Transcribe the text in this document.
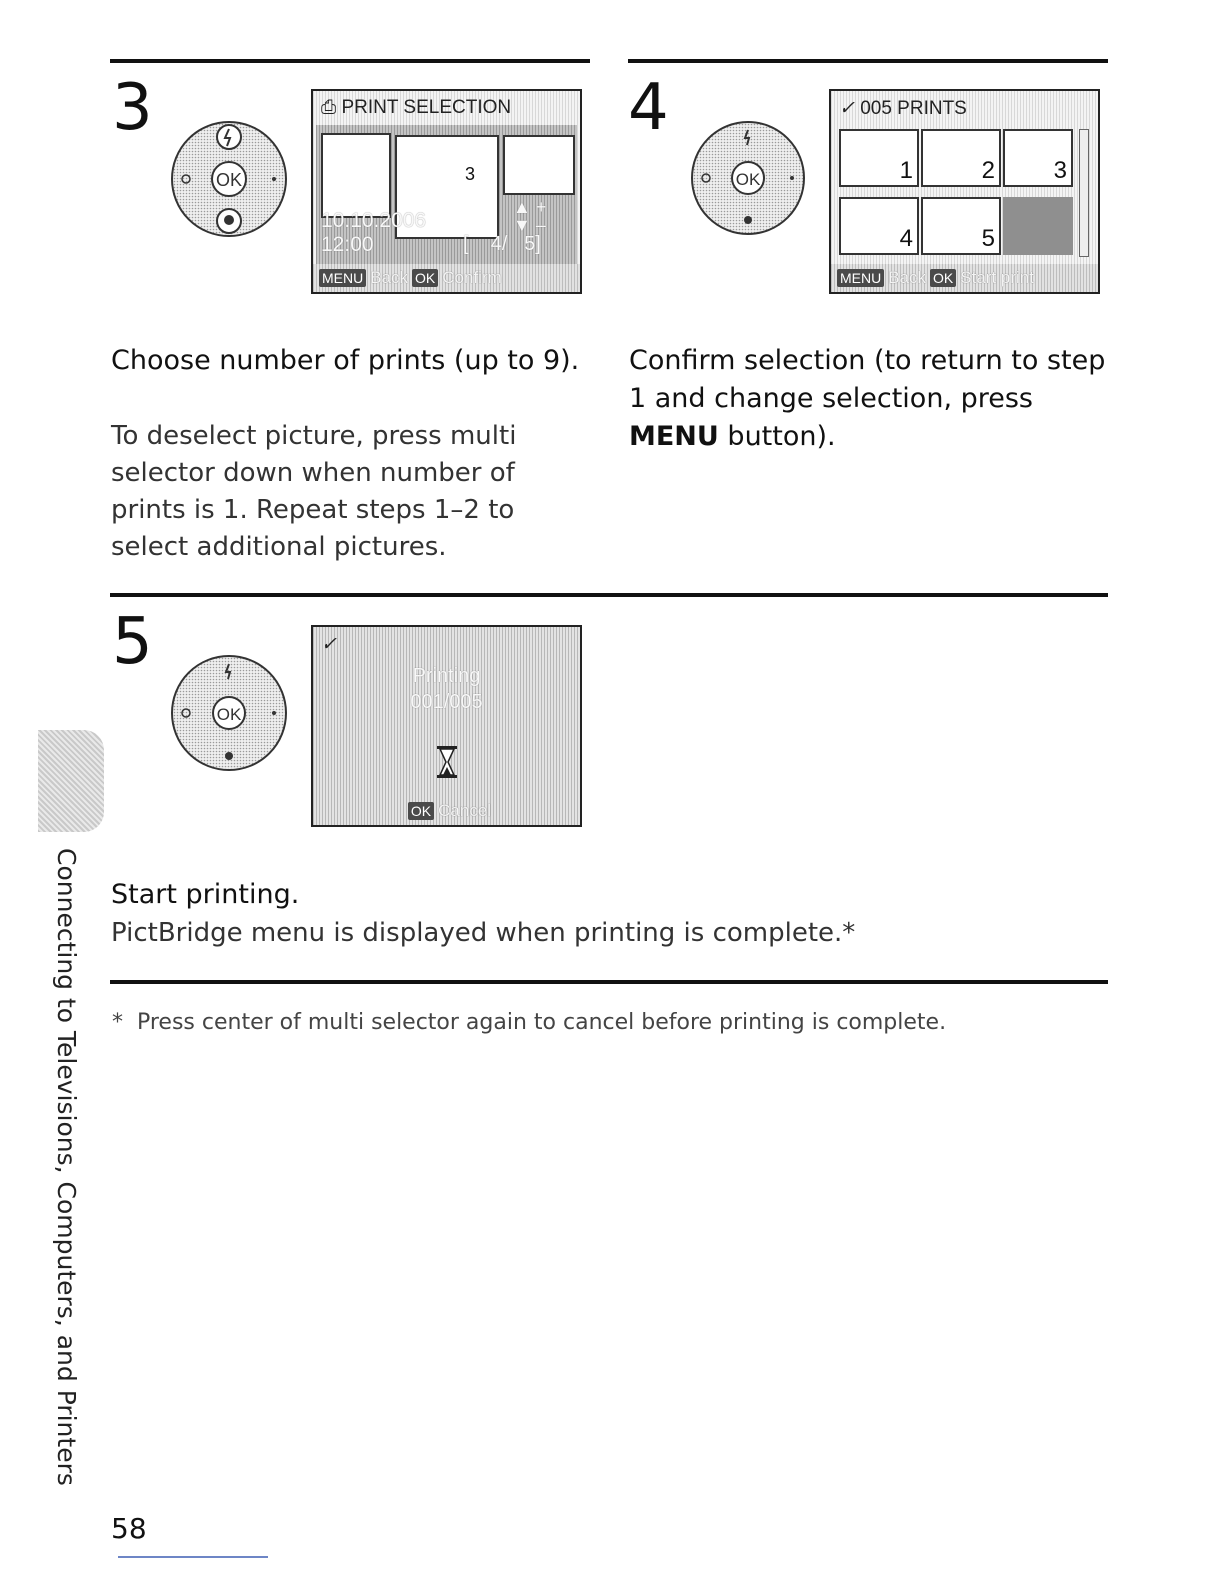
3
OK
⎙ PRINT SELECTION
3
10.10.2006
12:00
▲ +
▼ –
[ 4/ 5]
MENU Back OK Confirm
Choose number of prints (up to 9).
To deselect picture, press multi selector down when number of prints is 1. Repeat steps 1–2 to select additional pictures.
4
OK
✓ 005 PRINTS
1	2 3
4	5
MENU Back OK Start print
Confirm selection (to return to step 1 and change selection, press MENU button).
5
OK
✓
Printing
001/005
OK Cancel
Start printing.
PictBridge menu is displayed when printing is complete.*
*  Press center of multi selector again to cancel before printing is complete.
Connecting to Televisions, Computers, and Printers
58
